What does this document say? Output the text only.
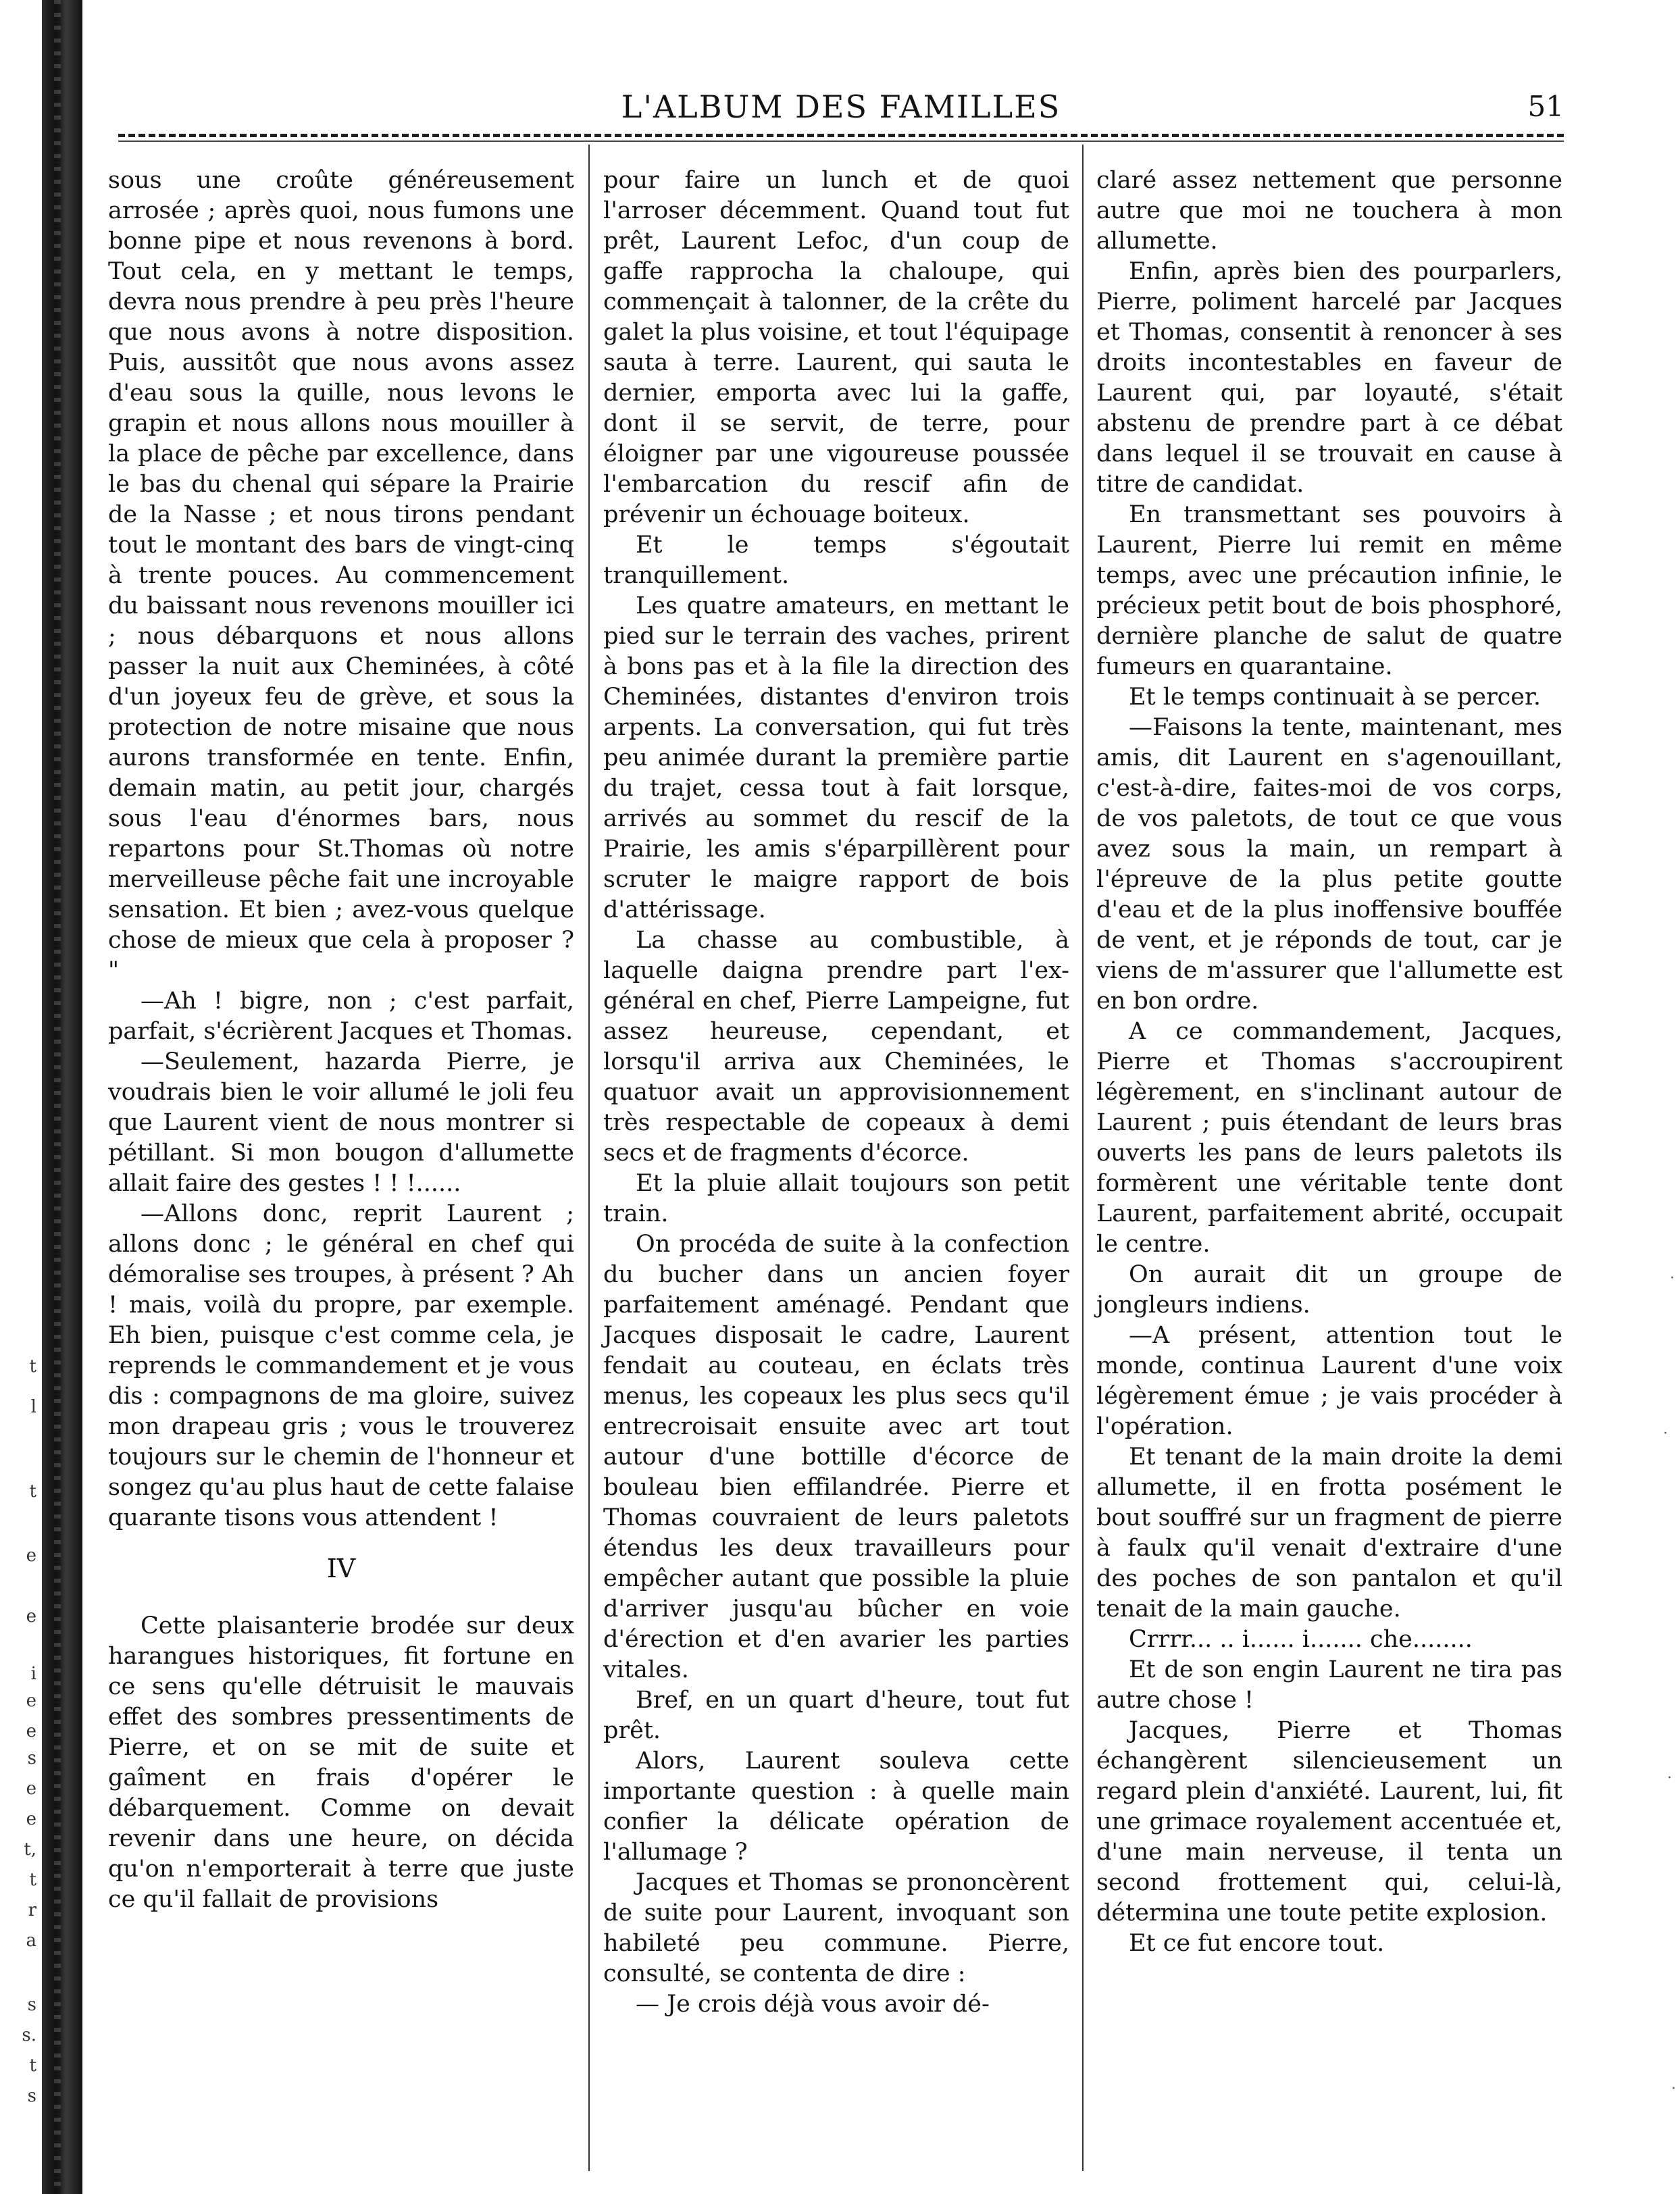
t
l
t
e
e
i
e
e
s
e
e
t,
t
r
a
s
s.
t
s
L'ALBUM DES FAMILLES	51

sous une croûte généreusement arrosée ; après quoi, nous fumons une bonne pipe et nous revenons à bord. Tout cela, en y mettant le temps, devra nous prendre à peu près l'heure que nous avons à notre disposition. Puis, aussitôt que nous avons assez d'eau sous la quille, nous levons le grapin et nous allons nous mouiller à la place de pêche par excellence, dans le bas du chenal qui sépare la Prairie de la Nasse ; et nous tirons pendant tout le montant des bars de vingt-cinq à trente pouces. Au commencement du baissant nous revenons mouiller ici ; nous débarquons et nous allons passer la nuit aux Cheminées, à côté d'un joyeux feu de grève, et sous la protection de notre misaine que nous aurons transformée en tente. Enfin, demain matin, au petit jour, chargés sous l'eau d'énormes bars, nous repartons pour St.Thomas où notre merveilleuse pêche fait une incroyable sensation. Et bien ; avez-vous quelque chose de mieux que cela à proposer ? "

—Ah ! bigre, non ; c'est parfait, parfait, s'écrièrent Jacques et Thomas.

—Seulement, hazarda Pierre, je voudrais bien le voir allumé le joli feu que Laurent vient de nous montrer si pétillant. Si mon bougon d'allumette allait faire des gestes ! ! !......

—Allons donc, reprit Laurent ; allons donc ; le général en chef qui démoralise ses troupes, à présent ? Ah ! mais, voilà du propre, par exemple. Eh bien, puisque c'est comme cela, je reprends le commandement et je vous dis : compagnons de ma gloire, suivez mon drapeau gris ; vous le trouverez toujours sur le chemin de l'honneur et songez qu'au plus haut de cette falaise quarante tisons vous attendent !

IV

Cette plaisanterie brodée sur deux harangues historiques, fit fortune en ce sens qu'elle détruisit le mauvais effet des sombres pressentiments de Pierre, et on se mit de suite et gaîment en frais d'opérer le débarquement. Comme on devait revenir dans une heure, on décida qu'on n'emporterait à terre que juste ce qu'il fallait de provisions

pour faire un lunch et de quoi l'arroser décemment. Quand tout fut prêt, Laurent Lefoc, d'un coup de gaffe rapprocha la chaloupe, qui commençait à talonner, de la crête du galet la plus voisine, et tout l'équipage sauta à terre. Laurent, qui sauta le dernier, emporta avec lui la gaffe, dont il se servit, de terre, pour éloigner par une vigoureuse poussée l'embarcation du rescif afin de prévenir un échouage boiteux.

Et le temps s'égoutait tranquillement.

Les quatre amateurs, en mettant le pied sur le terrain des vaches, prirent à bons pas et à la file la direction des Cheminées, distantes d'environ trois arpents. La conversation, qui fut très peu animée durant la première partie du trajet, cessa tout à fait lorsque, arrivés au sommet du rescif de la Prairie, les amis s'éparpillèrent pour scruter le maigre rapport de bois d'attérissage.

La chasse au combustible, à laquelle daigna prendre part l'ex-général en chef, Pierre Lampeigne, fut assez heureuse, cependant, et lorsqu'il arriva aux Cheminées, le quatuor avait un approvisionnement très respectable de copeaux à demi secs et de fragments d'écorce.

Et la pluie allait toujours son petit train.

On procéda de suite à la confection du bucher dans un ancien foyer parfaitement aménagé. Pendant que Jacques disposait le cadre, Laurent fendait au couteau, en éclats très menus, les copeaux les plus secs qu'il entrecroisait ensuite avec art tout autour d'une bottille d'écorce de bouleau bien effilandrée. Pierre et Thomas couvraient de leurs paletots étendus les deux travailleurs pour empêcher autant que possible la pluie d'arriver jusqu'au bûcher en voie d'érection et d'en avarier les parties vitales.

Bref, en un quart d'heure, tout fut prêt.

Alors, Laurent souleva cette importante question : à quelle main confier la délicate opération de l'allumage ?

Jacques et Thomas se prononcèrent de suite pour Laurent, invoquant son habileté peu commune. Pierre, consulté, se contenta de dire :

— Je crois déjà vous avoir dé-

claré assez nettement que personne autre que moi ne touchera à mon allumette.

Enfin, après bien des pourparlers, Pierre, poliment harcelé par Jacques et Thomas, consentit à renoncer à ses droits incontestables en faveur de Laurent qui, par loyauté, s'était abstenu de prendre part à ce débat dans lequel il se trouvait en cause à titre de candidat.

En transmettant ses pouvoirs à Laurent, Pierre lui remit en même temps, avec une précaution infinie, le précieux petit bout de bois phosphoré, dernière planche de salut de quatre fumeurs en quarantaine.

Et le temps continuait à se percer.

—Faisons la tente, maintenant, mes amis, dit Laurent en s'agenouillant, c'est-à-dire, faites-moi de vos corps, de vos paletots, de tout ce que vous avez sous la main, un rempart à l'épreuve de la plus petite goutte d'eau et de la plus inoffensive bouffée de vent, et je réponds de tout, car je viens de m'assurer que l'allumette est en bon ordre.

A ce commandement, Jacques, Pierre et Thomas s'accroupirent légèrement, en s'inclinant autour de Laurent ; puis étendant de leurs bras ouverts les pans de leurs paletots ils formèrent une véritable tente dont Laurent, parfaitement abrité, occupait le centre.

On aurait dit un groupe de jongleurs indiens.

—A présent, attention tout le monde, continua Laurent d'une voix légèrement émue ; je vais procéder à l'opération.

Et tenant de la main droite la demi allumette, il en frotta posément le bout souffré sur un fragment de pierre à faulx qu'il venait d'extraire d'une des poches de son pantalon et qu'il tenait de la main gauche.

Crrrr... .. i...... i....... che........

Et de son engin Laurent ne tira pas autre chose !

Jacques, Pierre et Thomas échangèrent silencieusement un regard plein d'anxiété. Laurent, lui, fit une grimace royalement accentuée et, d'une main nerveuse, il tenta un second frottement qui, celui-là, détermina une toute petite explosion.

Et ce fut encore tout.

·
·
·
·
